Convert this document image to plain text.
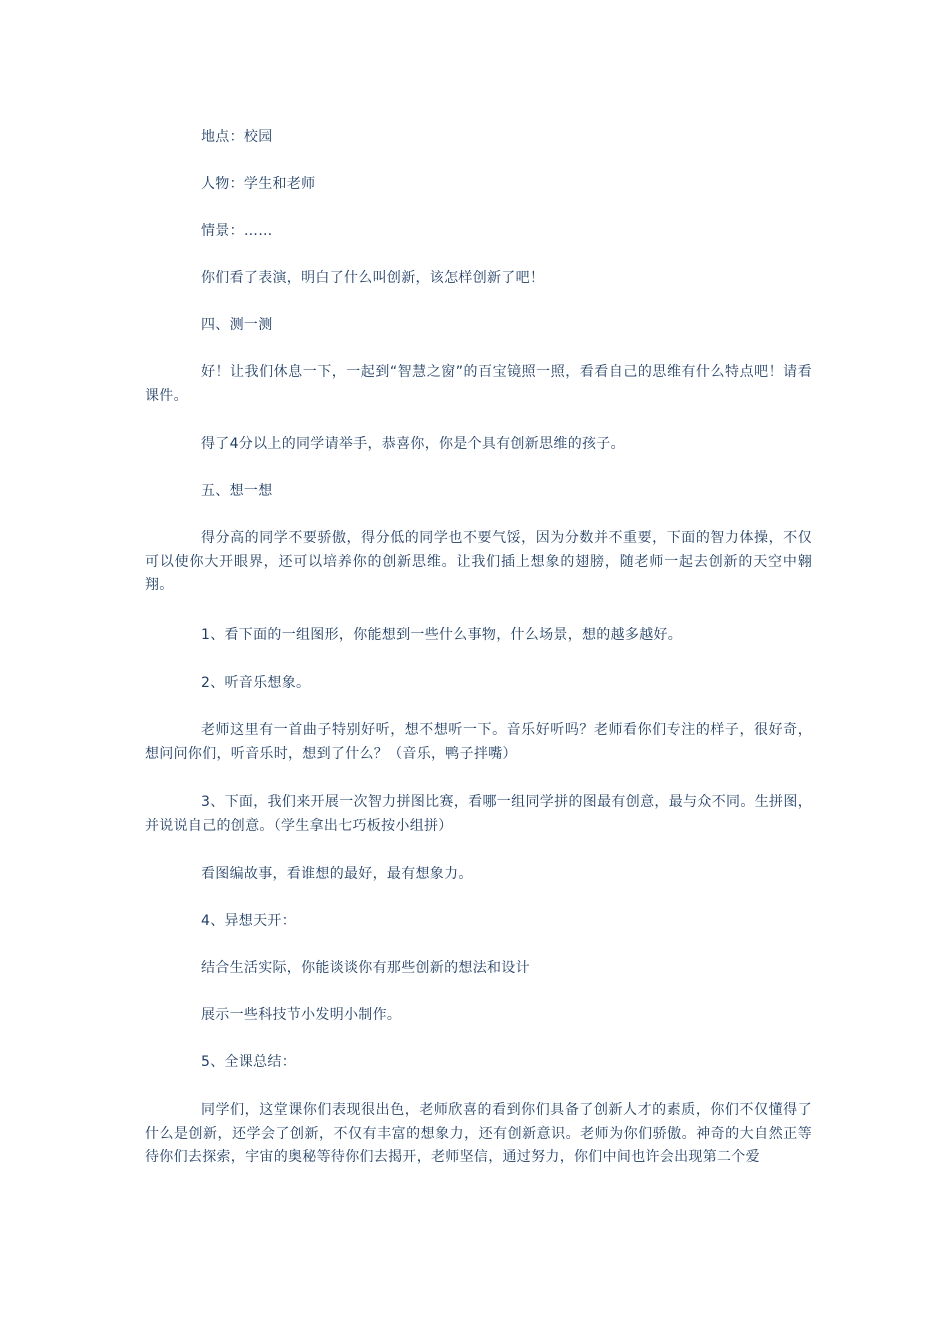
地点：校园

人物：学生和老师

情景：……

你们看了表演，明白了什么叫创新，该怎样创新了吧！

四、测一测

好！让我们休息一下，一起到“智慧之窗”的百宝镜照一照，看看自己的思维有什么特点吧！请看课件。

得了4分以上的同学请举手，恭喜你，你是个具有创新思维的孩子。

五、想一想

得分高的同学不要骄傲，得分低的同学也不要气馁，因为分数并不重要，下面的智力体操，不仅可以使你大开眼界，还可以培养你的创新思维。让我们插上想象的翅膀，随老师一起去创新的天空中翱翔。

1、看下面的一组图形，你能想到一些什么事物，什么场景，想的越多越好。

2、听音乐想象。

老师这里有一首曲子特别好听，想不想听一下。音乐好听吗？老师看你们专注的样子，很好奇，想问问你们，听音乐时，想到了什么？（音乐，鸭子拌嘴）

3、下面，我们来开展一次智力拼图比赛，看哪一组同学拼的图最有创意，最与众不同。生拼图，并说说自己的创意。（学生拿出七巧板按小组拼）

看图编故事，看谁想的最好，最有想象力。

4、异想天开：

结合生活实际，你能谈谈你有那些创新的想法和设计

展示一些科技节小发明小制作。

5、全课总结：

同学们，这堂课你们表现很出色，老师欣喜的看到你们具备了创新人才的素质，你们不仅懂得了什么是创新，还学会了创新，不仅有丰富的想象力，还有创新意识。老师为你们骄傲。神奇的大自然正等待你们去探索，宇宙的奥秘等待你们去揭开，老师坚信，通过努力，你们中间也许会出现第二个爱
